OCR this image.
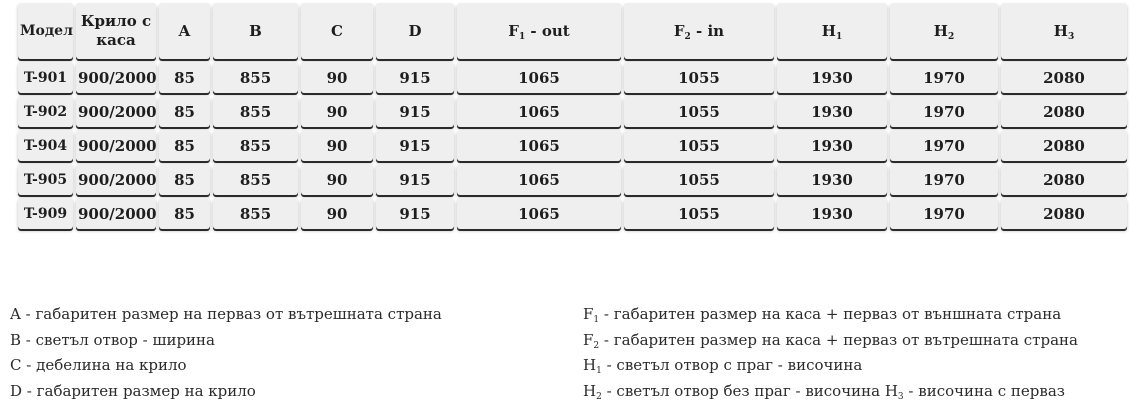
Модел	Крило с каса	A	B	C	D	$F_1$ - out	$F_2$ - in	$H_1$	$H_2$	$H_3$
T-901	900/2000	85	855	90	915	1065	1055	1930	1970	2080
T-902	900/2000	85	855	90	915	1065	1055	1930	1970	2080
T-904	900/2000	85	855	90	915	1065	1055	1930	1970	2080
T-905	900/2000	85	855	90	915	1065	1055	1930	1970	2080
T-909	900/2000	85	855	90	915	1065	1055	1930	1970	2080
A - габаритен размер на перваз от вътрешната страна
B - светъл отвор - ширина
C - дебелина на крило
D - габаритен размер на крило
$F_1$ - габаритен размер на каса + перваз от външната страна
$F_2$ - габаритен размер на каса + перваз от вътрешната страна
$H_1$ - светъл отвор с праг - височина
$H_2$ - светъл отвор без праг - височина $H_3$ - височина с перваз
